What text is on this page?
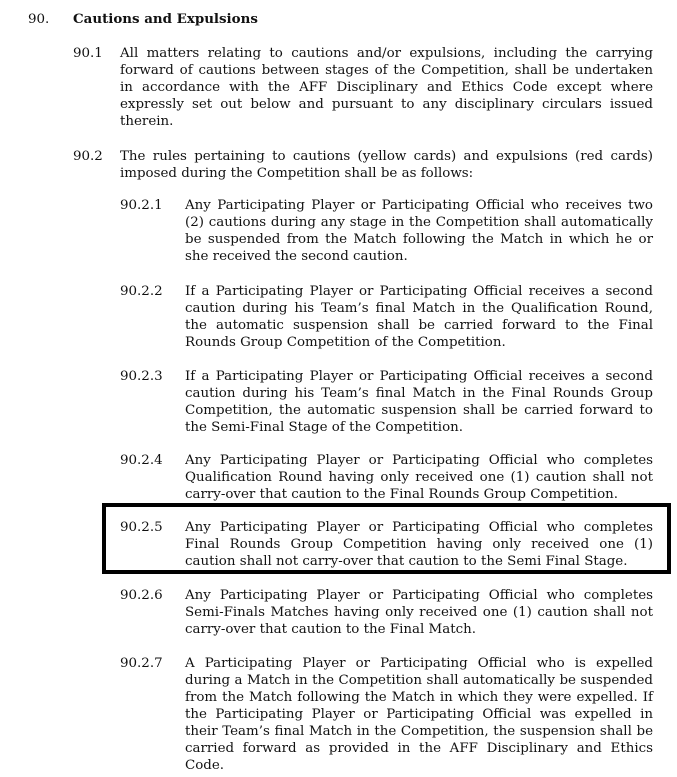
90. Cautions and Expulsions
90.1 All matters relating to cautions and/or expulsions, including the carrying forward of cautions between stages of the Competition, shall be undertaken in accordance with the AFF Disciplinary and Ethics Code except where expressly set out below and pursuant to any disciplinary circulars issued therein.
90.2 The rules pertaining to cautions (yellow cards) and expulsions (red cards) imposed during the Competition shall be as follows:
90.2.1 Any Participating Player or Participating Official who receives two (2) cautions during any stage in the Competition shall automatically be suspended from the Match following the Match in which he or she received the second caution.
90.2.2 If a Participating Player or Participating Official receives a second caution during his Team’s final Match in the Qualification Round, the automatic suspension shall be carried forward to the Final Rounds Group Competition of the Competition.
90.2.3 If a Participating Player or Participating Official receives a second caution during his Team’s final Match in the Final Rounds Group Competition, the automatic suspension shall be carried forward to the Semi-Final Stage of the Competition.
90.2.4 Any Participating Player or Participating Official who completes Qualification Round having only received one (1) caution shall not carry-over that caution to the Final Rounds Group Competition.
90.2.5 Any Participating Player or Participating Official who completes Final Rounds Group Competition having only received one (1) caution shall not carry-over that caution to the Semi Final Stage.
90.2.6 Any Participating Player or Participating Official who completes Semi-Finals Matches having only received one (1) caution shall not carry-over that caution to the Final Match.
90.2.7 A Participating Player or Participating Official who is expelled during a Match in the Competition shall automatically be suspended from the Match following the Match in which they were expelled. If the Participating Player or Participating Official was expelled in their Team’s final Match in the Competition, the suspension shall be carried forward as provided in the AFF Disciplinary and Ethics Code.
